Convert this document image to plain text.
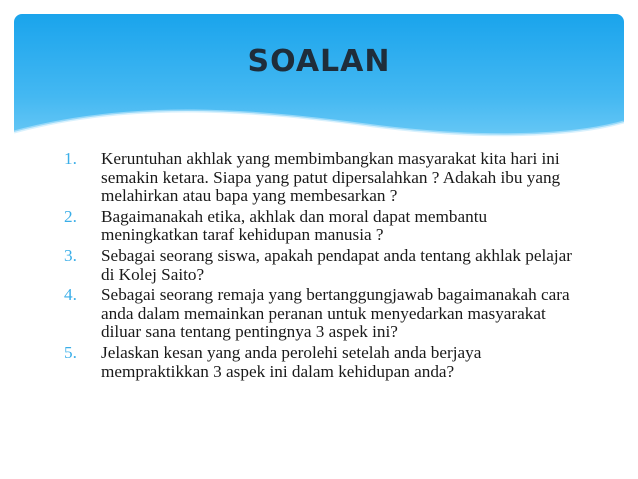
SOALAN
1. Keruntuhan akhlak yang membimbangkan masyarakat kita hari ini semakin ketara. Siapa yang patut dipersalahkan ? Adakah ibu yang melahirkan atau bapa yang membesarkan ?
2. Bagaimanakah etika, akhlak dan moral dapat membantu meningkatkan taraf kehidupan manusia ?
3. Sebagai seorang siswa, apakah pendapat anda tentang akhlak pelajar di Kolej Saito?
4. Sebagai seorang remaja yang bertanggungjawab bagaimanakah cara anda dalam memainkan peranan untuk menyedarkan masyarakat diluar sana tentang pentingnya 3 aspek ini?
5. Jelaskan kesan yang anda perolehi setelah anda berjaya mempraktikkan 3 aspek ini dalam kehidupan anda?
